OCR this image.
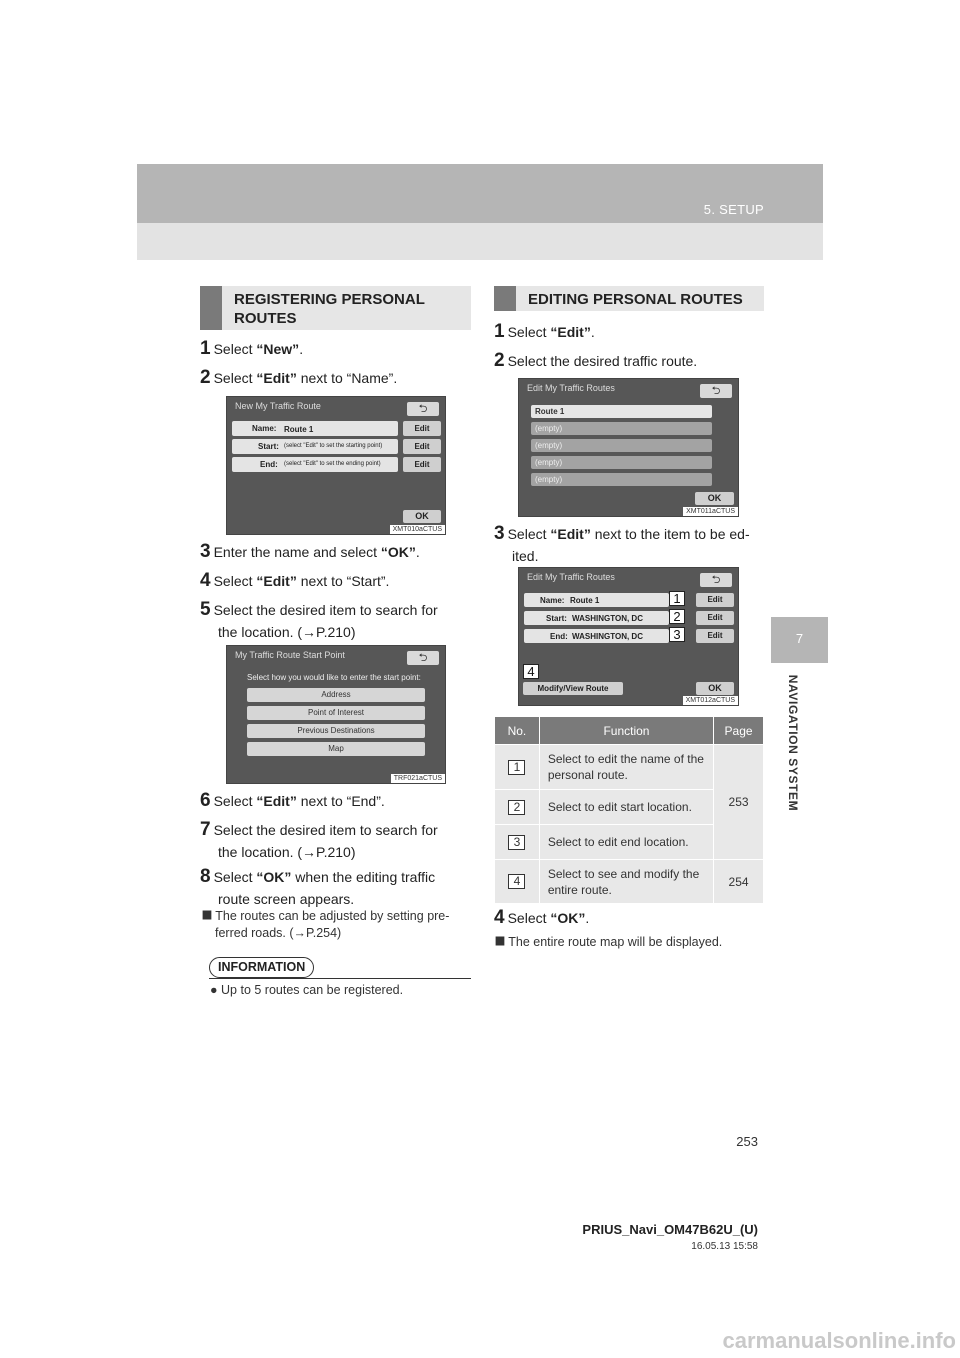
5. SETUP
7
NAVIGATION SYSTEM
REGISTERING PERSONAL
ROUTES
1 Select “New”.
2 Select “Edit” next to “Name”.
New My Traffic Route	⮌
Name: Route 1	Edit
Start: (select "Edit" to set the starting point)	Edit
End: (select "Edit" to set the ending point)	Edit
OK
XMT010aCTUS
3 Enter the name and select “OK”.
4 Select “Edit” next to “Start”.
5 Select the desired item to search for
the location. (→P.210)
My Traffic Route Start Point	⮌
Select how you would like to enter the start point:
Address
Point of Interest
Previous Destinations
Map
TRF021aCTUS
6 Select “Edit” next to “End”.
7 Select the desired item to search for
the location. (→P.210)
8 Select “OK” when the editing traffic
route screen appears.
⯀ The routes can be adjusted by setting pre-
ferred roads. (→P.254)
INFORMATION
● Up to 5 routes can be registered.
EDITING PERSONAL ROUTES
1 Select “Edit”.
2 Select the desired traffic route.
Edit My Traffic Routes	⮌
Route 1
(empty)
(empty)
(empty)
(empty)
OK
XMT011aCTUS
3 Select “Edit” next to the item to be ed-
ited.
Edit My Traffic Routes	⮌
Name: Route 1	Edit
Start: WASHINGTON, DC	Edit
End: WASHINGTON, DC	Edit
1
2
3
4
Modify/View Route	OK
XMT012aCTUS
No.	Function	Page
1	Select to edit the name of the personal route.	253
2	Select to edit start location.	
3	Select to edit end location.	
4	Select to see and modify the entire route.	254
4 Select “OK”.
⯀ The entire route map will be displayed.
253
PRIUS_Navi_OM47B62U_(U)
16.05.13 15:58
carmanualsonline.info
